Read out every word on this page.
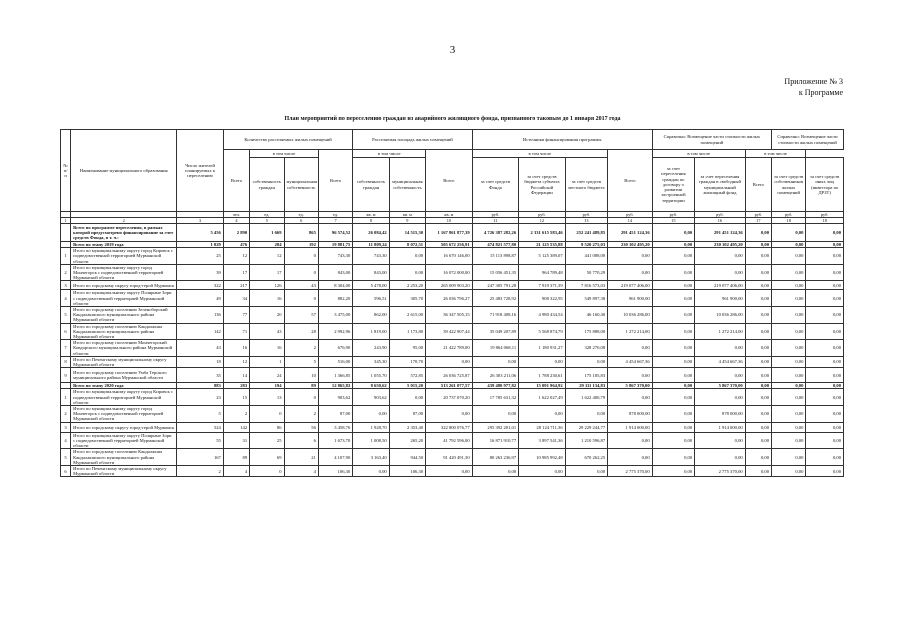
3
Приложение № 3
к Программе
План мероприятий по переселению граждан из аварийного жилищного фонда, признанного таковым до 1 января 2017 года
№ п/п	Наименование муниципального образования	Число жителей планируемых к переселению	Количество расселяемых жилых помещений				Расселяемая площадь жилых помещений			Источники финансирования программы				Справочно: Возмещение части стоимости жилых помещений			Справочно: Возмещение части стоимости жилых помещений	
			Всего	в том числе		Всего	в том числе		Всего	в том числе			Всего	в том числе		в том числе		
				собственность граждан	муниципальная собственность		собственность граждан	муниципальная собственность		за счет средств Фонда	за счет средств бюджета субъекта Российской Федерации	за счет средств местного бюджета		за счет переселения граждан по договору о развитии застроенной территории	за счет переселения граждан в свободный муниципальный жилищный фонд	Всего	за счет средств собственников жилых помещений	за счет средств иных лиц (инвестора по ДРЗТ)
			чел.	ед.	ед.	ед.	кв. м	кв. м	кв. м	руб.	руб.	руб.	руб.	руб.	руб.	руб.	руб.	руб.
1	2	3	4	5	6	7	8	9	10	11	12	13	14	15	16	17	18	18
	Всего по программе переселения, в рамках которой предусмотрено финансирование за счет средств Фонда, в т. ч.:	5 456	2 890	1 669	865	96 574,52	26 084,42	14 515,30	1 167 861 877,39	4 726 387 282,26	2 331 615 583,46	252 241 489,85	291 451 124,36	0,00	291 451 124,36	0,00	0,00	0,00
	Всего по этапу 2019 года	1 029	476	284	192	19 881,75	11 809,24	8 072,51	505 672 256,91	474 821 577,80	21 125 535,88	9 520 275,03	230 102 495,20	0,00	230 102 495,20	0,00	0,00	0,00
1	Итого по муниципальному округу город Кировск с подведомственной территорией Мурманской области	25	12	12	0	743,30	743,30	0,00	16 670 146,00	15 113 898,87	5 125 389,07	441 088,00	0,00	0,00	0,00	0,00	0,00	0,00
2	Итого по муниципальному округу город Мончегорск с подведомственной территорией Мурманской области	39	17	17	0	843,00	843,00	0,00	16 072 000,00	15 056 451,35	964 789,48	50 770,29	0,00	0,00	0,00	0,00	0,00	0,00
3	Итого по городскому округу город-герой Мурманск	322	217	126	43	8 304,00	5 478,00	2 253,20	265 009 903,20	247 305 791,28	7 919 371,39	7 816 573,03	219 077 406,00	0,00	219 077 406,00	0,00	0,00	0,00
4	Итого по муниципальному округу Полярные Зори с подведомственной территорией Мурманской области	49	34	16	0	882,20	596,51	305,70	26 036 796,27	25 483 728,92	908 322,95	549 897,38	961 900,00	0,00	961 900,00	0,00	0,00	0,00
5	Итого по городскому поселению Зеленоборский Кандалакшского муниципального района Мурманской области	136	77	20	57	3 475,00	862,00	2 615,00	36 347 505,15	71 918 408,16	4 980 434,54	46 160,40	10 036 286,00	0,00	10 036 286,00	0,00	0,00	0,00
6	Итого по городскому поселению Кандалакша Кандалакшского муниципального района Мурманской области	142	71	43	28	2 992,96	1 819,00	1 173,80	39 422 907,44	35 049 207,89	5 568 874,79	175 888,00	1 272 214,00	0,00	1 272 214,00	0,00	0,00	0,00
7	Итого по городскому поселению Мончегорский Ковдорского муниципального района Мурманской области	43	16	16	2	676,90	243,90	95,00	21 422 789,00	19 864 068,11	1 180 931,27	328 270,08	0,00	0,00	0,00	0,00	0,00	0,00
8	Итого по Печенгскому муниципальному округу Мурманской области	18	12	1	5	516,00	345,30	170,70	0,00	0,00	0,00	0,00	4 454 667,36	0,00	4 454 667,36	0,00	0,00	0,00
9	Итого по городскому поселению Умба Терского муниципального района Мурманской области	35	14	24	10	1 366,85	1 055,70	572,85	26 036 725,87	26 303 211,06	1 788 230,61	175 185,83	0,00	0,00	0,00	0,00	0,00	0,00
	Всего по этапу 2020 года	883	283	194	89	12 865,82	8 650,62	5 015,20	513 261 077,57	439 480 977,82	15 091 964,92	29 111 134,83	5 867 370,00	0,00	5 867 370,00	0,00	0,00	0,00
1	Итого по муниципальному округу город Кировск с подведомственной территорией Мурманской области	23	15	13	0	903,62	903,62	0,00	20 737 070,20	17 785 631,32	1 622 027,49	1 622 400,79	0,00	0,00	0,00	0,00	0,00	0,00
2	Итого по муниципальному округу город Мончегорск с подведомственной территорией Мурманской области	5	2	0	2	87,00	0,00	87,00	0,00	0,00	0,00	0,00	878 000,00	0,00	878 000,00	0,00	0,00	0,00
3	Итого по городскому округу город-герой Мурманск	524	142	86	56	3 458,76	1 928,70	2 353,40	322 800 076,77	295 392 201,01	28 124 711,36	29 229 244,77	1 914 000,00	0,00	1 914 000,00	0,00	0,00	0,00
4	Итого по муниципальному округу Полярные Зори с подведомственной территорией Мурманской области	55	31	25	6	1 673,70	1 008,50	265,20	41 792 596,00	16 871 910,77	3 897 541,36	1 210 596,87	0,00	0,00	0,00	0,00	0,00	0,00
5	Итого по городскому поселению Кандалакша Кандалакшского муниципального района Мурманской области	167	89	69	21	4 107,90	3 163,40	944,50	91 420 491,30	80 263 236,97	10 985 992,48	670 262,25	0,00	0,00	0,00	0,00	0,00	0,00
6	Итого по Печенгскому муниципальному округу Мурманской области	2	4	0	4	106,30	0,00	106,30	0,00	0,00	0,00	0,00	2 775 370,00	0,00	2 775 370,00	0,00	0,00	0,00
